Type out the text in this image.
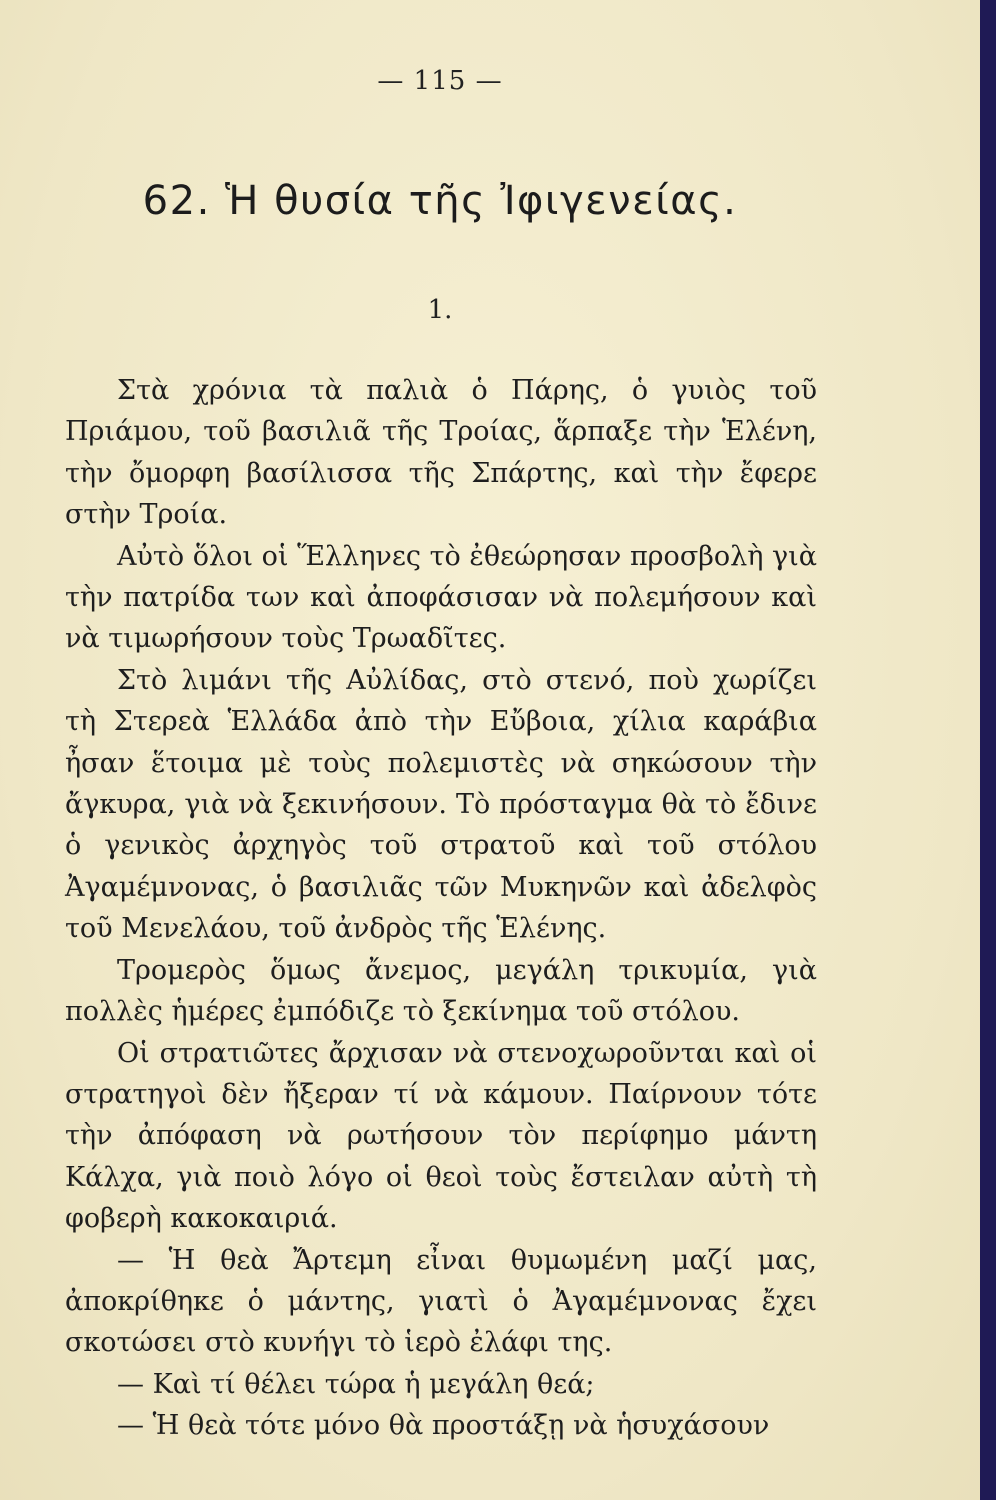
— 115 —
62. Ἡ θυσία τῆς Ἰφιγενείας.
1.

Στὰ χρόνια τὰ παλιὰ ὁ Πάρης, ὁ γυιὸς τοῦ Πριάμου, τοῦ βασιλιᾶ τῆς Τροίας, ἅρπαξε τὴν Ἑλένη, τὴν ὄμορφη βασίλισσα τῆς Σπάρτης, καὶ τὴν ἔφερε στὴν Τροία.

Αὐτὸ ὅλοι οἱ Ἕλληνες τὸ ἐθεώρησαν προσβολὴ γιὰ τὴν πατρίδα των καὶ ἀποφάσισαν νὰ πολεμήσουν καὶ νὰ τιμωρήσουν τοὺς Τρωαδῖτες.

Στὸ λιμάνι τῆς Αὐλίδας, στὸ στενό, ποὺ χωρίζει τὴ Στερεὰ Ἑλλάδα ἀπὸ τὴν Εὔβοια, χίλια καράβια ἦσαν ἕτοιμα μὲ τοὺς πολεμιστὲς νὰ σηκώσουν τὴν ἄγκυρα, γιὰ νὰ ξεκινήσουν. Τὸ πρόσταγμα θὰ τὸ ἔδινε ὁ γενικὸς ἀρχηγὸς τοῦ στρατοῦ καὶ τοῦ στόλου Ἀγαμέμνονας, ὁ βασιλιᾶς τῶν Μυκηνῶν καὶ ἀδελφὸς τοῦ Μενελάου, τοῦ ἀνδρὸς τῆς Ἑλένης.

Τρομερὸς ὅμως ἄνεμος, μεγάλη τρικυμία, γιὰ πολλὲς ἡμέρες ἐμπόδιζε τὸ ξεκίνημα τοῦ στόλου.

Οἱ στρατιῶτες ἄρχισαν νὰ στενοχωροῦνται καὶ οἱ στρατηγοὶ δὲν ἤξεραν τί νὰ κάμουν. Παίρνουν τότε τὴν ἀπόφαση νὰ ρωτήσουν τὸν περίφημο μάντη Κάλχα, γιὰ ποιὸ λόγο οἱ θεοὶ τοὺς ἔστειλαν αὐτὴ τὴ φοβερὴ κακοκαιριά.

— Ἡ θεὰ Ἄρτεμη εἶναι θυμωμένη μαζί μας, ἀποκρίθηκε ὁ μάντης, γιατὶ ὁ Ἀγαμέμνονας ἔχει σκοτώσει στὸ κυνήγι τὸ ἱερὸ ἐλάφι της.

— Καὶ τί θέλει τώρα ἡ μεγάλη θεά;

— Ἡ θεὰ τότε μόνο θὰ προστάξῃ νὰ ἡσυχάσουν
